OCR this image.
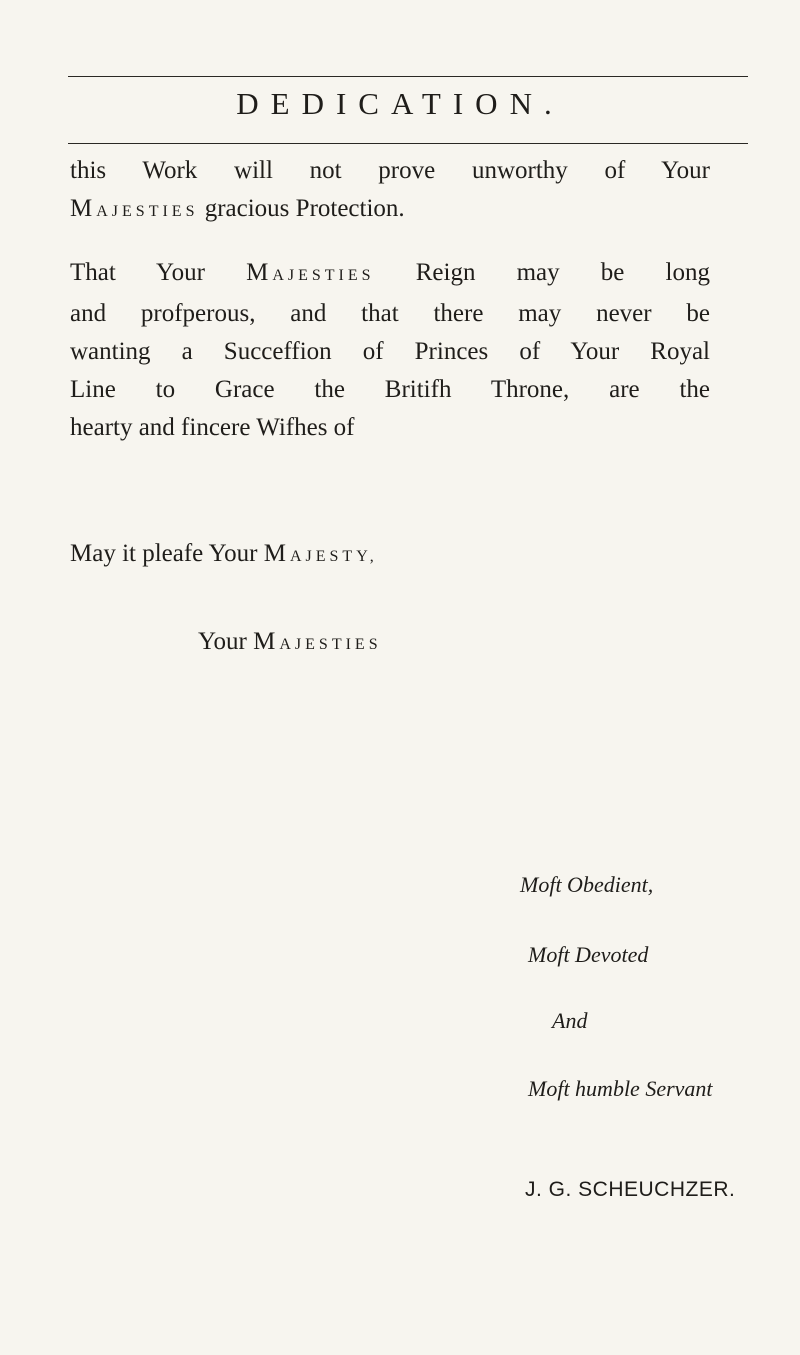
DEDICATION.
this Work will not prove unworthy of Your
MAJESTIES gracious Protection.
That Your MAJESTIES Reign may be long
and profperous, and that there may never be
wanting a Succeffion of Princes of Your Royal
Line to Grace the Britifh Throne, are the
hearty and fincere Wifhes of
May it pleafe Your MAJESTY,
Your MAJESTIES
Moft Obedient,
Moft Devoted
And
Moft humble Servant
J. G. SCHEUCHZER.
